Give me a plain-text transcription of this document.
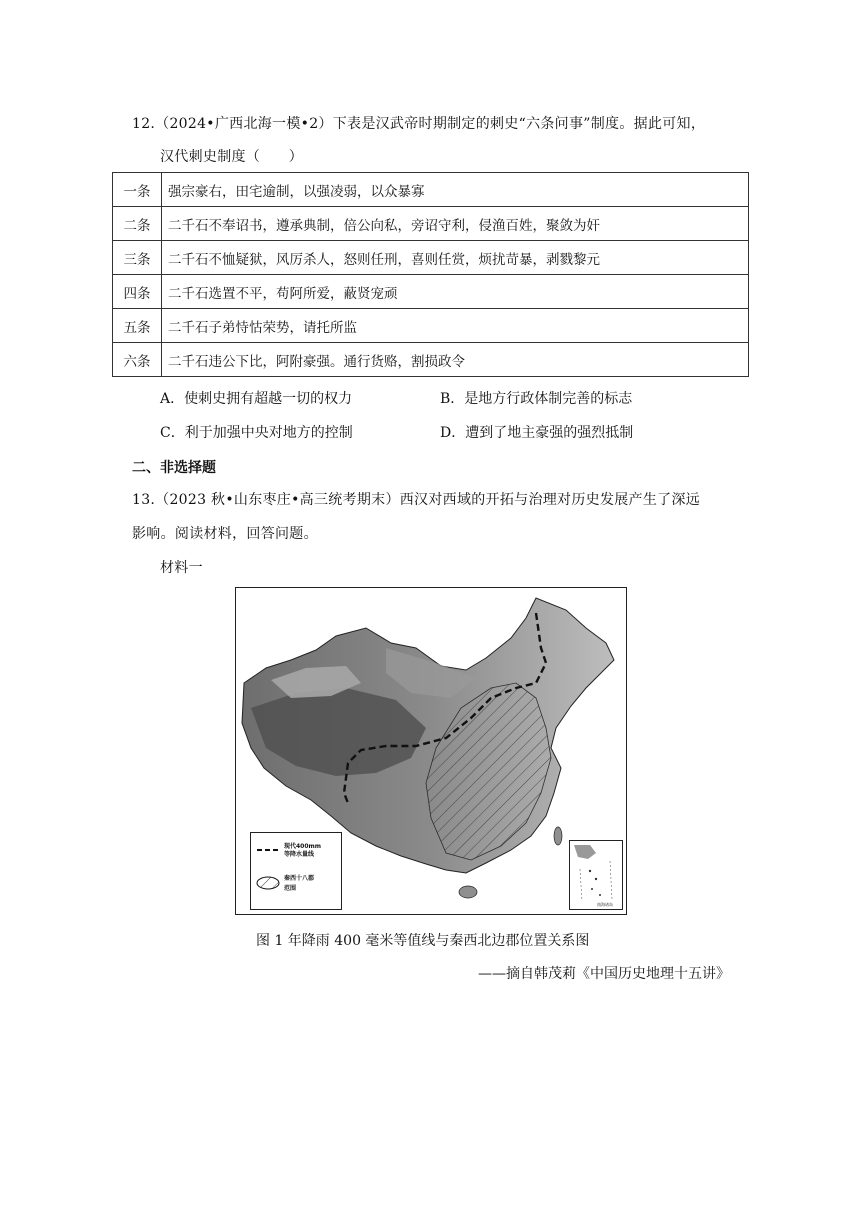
12.（2024•广西北海一模•2）下表是汉武帝时期制定的刺史“六条问事”制度。据此可知，
汉代刺史制度（　　）
一条	强宗豪右，田宅逾制，以强凌弱，以众暴寡
二条	二千石不奉诏书，遵承典制，倍公向私，旁诏守利，侵渔百姓，聚敛为奸
三条	二千石不恤疑狱，风厉杀人，怒则任刑，喜则任赏，烦扰苛暴，剥戮黎元
四条	二千石选置不平，苟阿所爱，蔽贤宠顽
五条	二千石子弟恃怙荣势，请托所监
六条	二千石违公下比，阿附豪强。通行货赂，割损政令
A．使刺史拥有超越一切的权力	B．是地方行政体制完善的标志
C．利于加强中央对地方的控制	D．遭到了地主豪强的强烈抵制
二、非选择题
13.（2023 秋•山东枣庄•高三统考期末）西汉对西域的开拓与治理对历史发展产生了深远
影响。阅读材料，回答问题。
材料一
现代400mm
等降水量线
秦西十八郡
范围
南海诸岛
图 1 年降雨 400 毫米等值线与秦西北边郡位置关系图
——摘自韩茂莉《中国历史地理十五讲》
